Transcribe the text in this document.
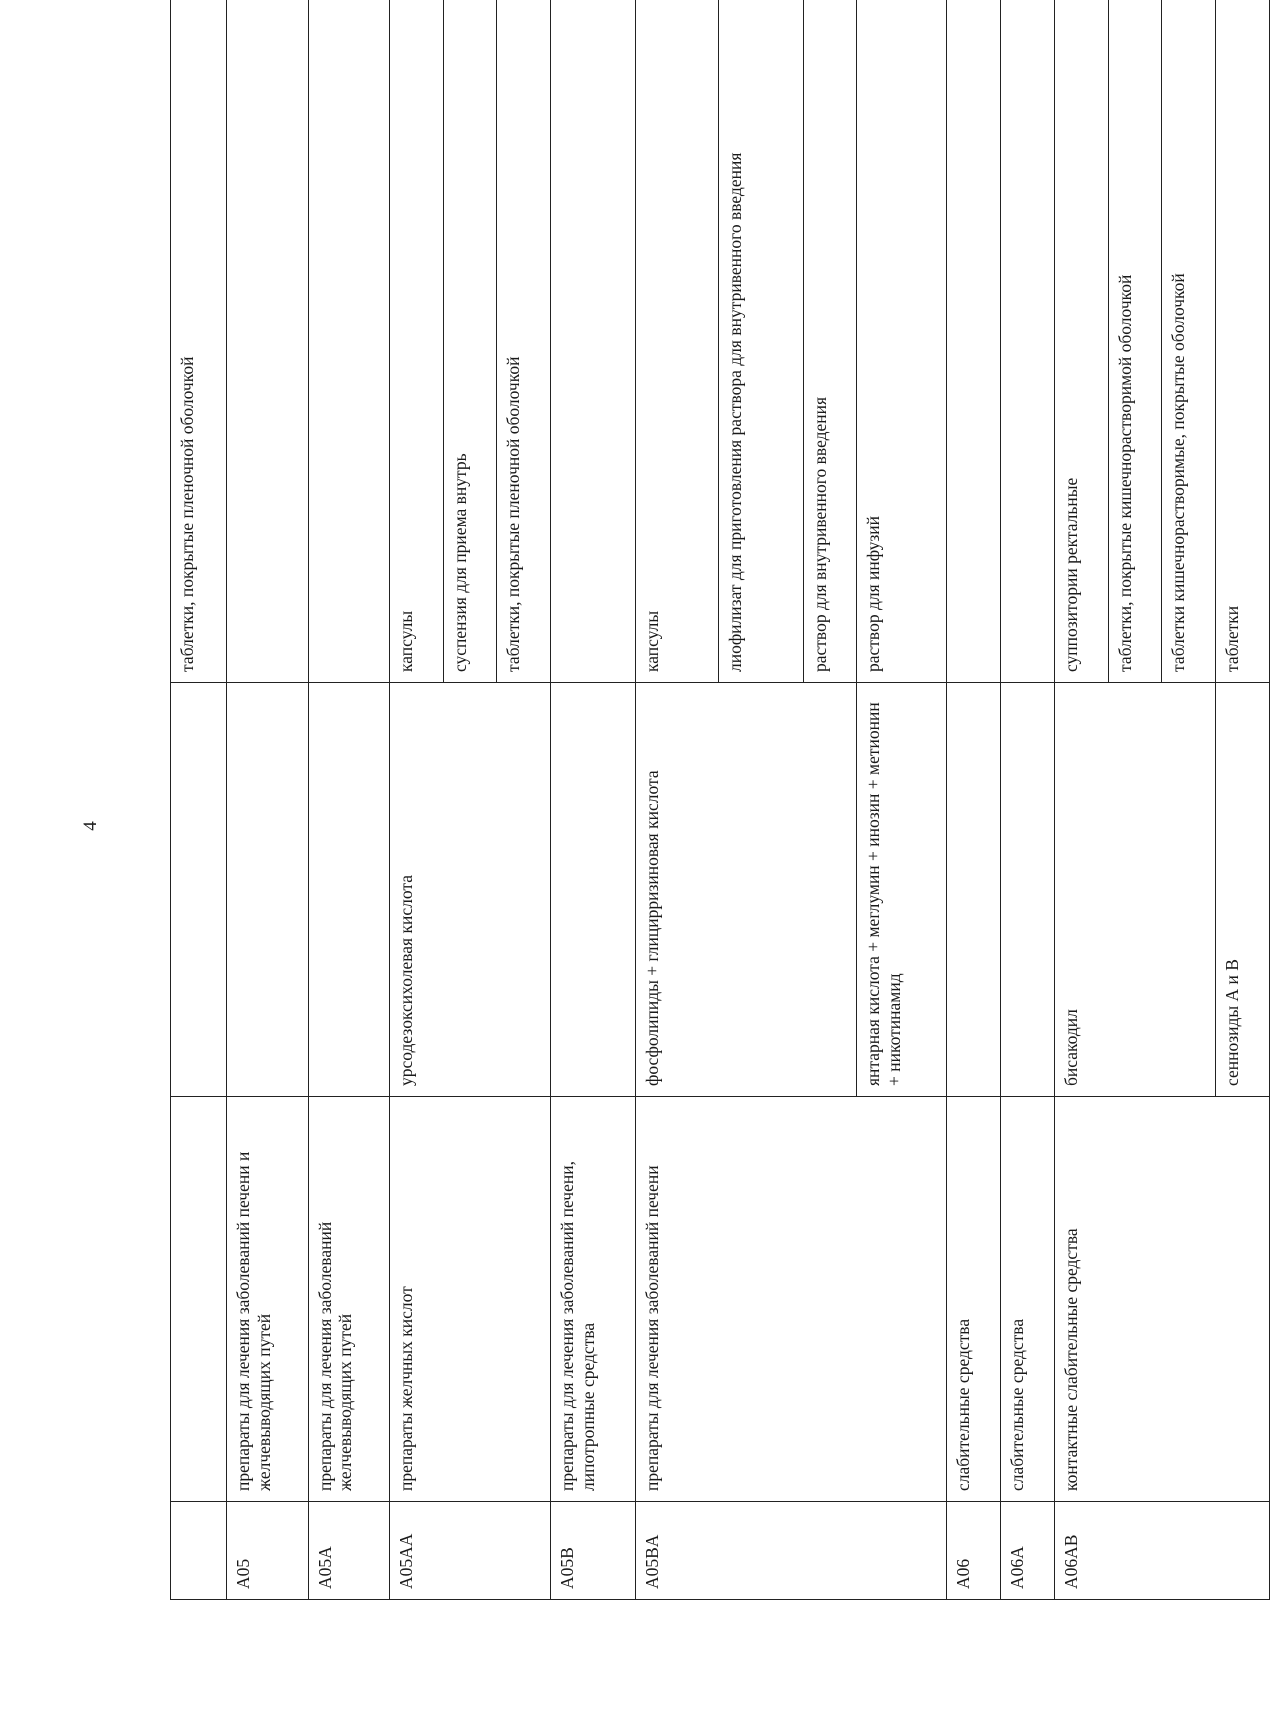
4
			таблетки, покрытые пленочной оболочкой
A05	препараты для лечения заболеваний печени и желчевыводящих путей		
A05A	препараты для лечения заболеваний желчевыводящих путей		
A05AA	препараты желчных кислот	урсодезоксихолевая кислота	капсулы
			суспензия для приема внутрь
			таблетки, покрытые пленочной оболочкой
A05B	препараты для лечения заболеваний печени, липотропные средства		
A05BA	препараты для лечения заболеваний печени	фосфолипиды + глицирризиновая кислота	капсулы
			лиофилизат для приготовления раствора для внутривенного введения
			раствор для внутривенного введения
		янтарная кислота + меглумин + инозин + метионин + никотинамид	раствор для инфузий
A06	слабительные средства		
A06A	слабительные средства		
A06AB	контактные слабительные средства	бисакодил	суппозитории ректальные
			таблетки, покрытые кишечнорастворимой оболочкой
			таблетки кишечнорастворимые, покрытые оболочкой
		сеннозиды А и В	таблетки
